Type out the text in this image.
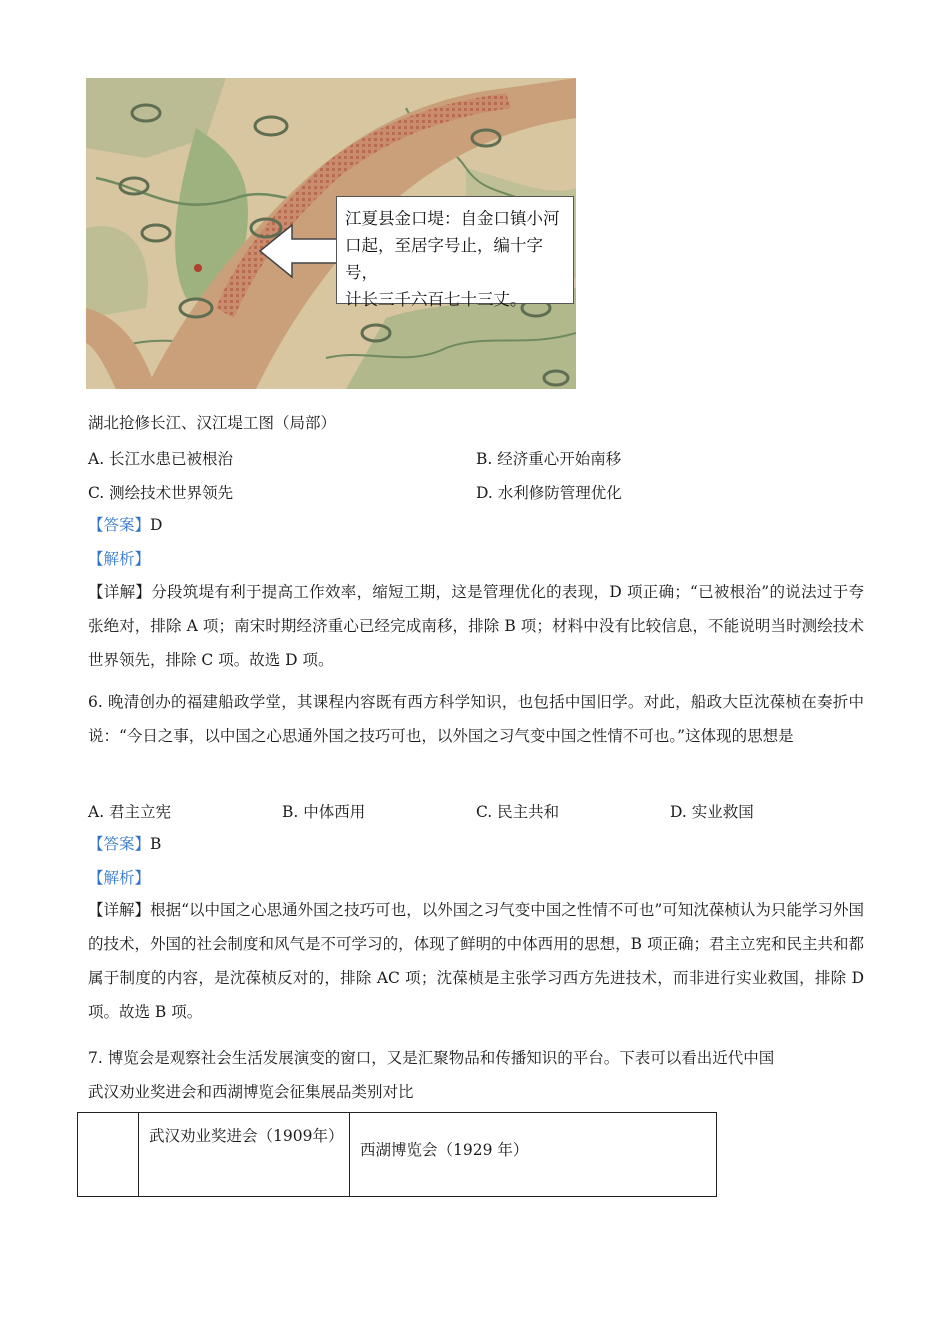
江夏县金口堤：自金口镇小河
口起，至居字号止，编十字号，
计长三千六百七十三丈。
湖北抢修长江、汉江堤工图（局部）
A. 长江水患已被根治	B. 经济重心开始南移
C. 测绘技术世界领先	D. 水利修防管理优化
【答案】D
【解析】
【详解】分段筑堤有利于提高工作效率，缩短工期，这是管理优化的表现，D 项正确；“已被根治”的说法过于夸张绝对，排除 A 项；南宋时期经济重心已经完成南移，排除 B 项；材料中没有比较信息，不能说明当时测绘技术世界领先，排除 C 项。故选 D 项。
6. 晚清创办的福建船政学堂，其课程内容既有西方科学知识，也包括中国旧学。对此，船政大臣沈葆桢在奏折中说：“今日之事，以中国之心思通外国之技巧可也，以外国之习气变中国之性情不可也。”这体现的思想是
A. 君主立宪	B. 中体西用	C. 民主共和	D. 实业救国
【答案】B
【解析】
【详解】根据“以中国之心思通外国之技巧可也，以外国之习气变中国之性情不可也”可知沈葆桢认为只能学习外国的技术，外国的社会制度和风气是不可学习的，体现了鲜明的中体西用的思想，B 项正确；君主立宪和民主共和都属于制度的内容，是沈葆桢反对的，排除 AC 项；沈葆桢是主张学习西方先进技术，而非进行实业救国，排除 D 项。故选 B 项。
7. 博览会是观察社会生活发展演变的窗口，又是汇聚物品和传播知识的平台。下表可以看出近代中国
武汉劝业奖进会和西湖博览会征集展品类别对比
	武汉劝业奖进会（1909年）	西湖博览会（1929 年）
